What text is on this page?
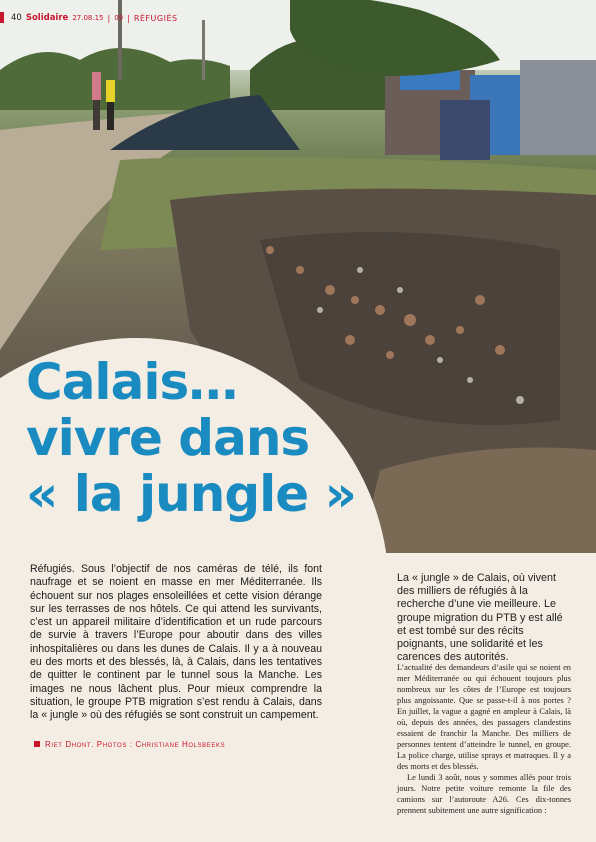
40 Solidaire 27.08.15 | 09 | RÉFUGIÉS
Calais…
vivre dans
« la jungle »

Réfugiés. Sous l’objectif de nos caméras de télé, ils font naufrage et se noient en masse en mer Méditerranée. Ils échouent sur nos plages ensoleillées et cette vision dérange sur les terrasses de nos hôtels. Ce qui attend les survivants, c’est un appareil militaire d’identification et un rude parcours de survie à travers l’Europe pour aboutir dans des villes inhospitalières ou dans les dunes de Calais. Il y a à nouveau eu des morts et des blessés, là, à Calais, dans les tentatives de quitter le continent par le tunnel sous la Manche. Les images ne nous lâchent plus. Pour mieux comprendre la situation, le groupe PTB migration s’est rendu à Calais, dans la « jungle » où des réfugiés se sont construit un campement.

Riet Dhont. Photos : Christiane Holsbeeks

La « jungle » de Calais, où vivent des milliers de réfugiés à la recherche d’une vie meilleure. Le groupe migration du PTB y est allé et est tombé sur des récits poignants, une solidarité et les carences des autorités.

L’actualité des demandeurs d’asile qui se noient en mer Méditerranée ou qui échouent toujours plus nombreux sur les côtes de l’Europe est toujours plus angoissante. Que se passe-t-il à nos portes ? En juillet, la vague a gagné en ampleur à Calais, là où, depuis des années, des passagers clandestins essaient de franchir la Manche. Des milliers de personnes tentent d’atteindre le tunnel, en groupe. La police charge, utilise sprays et matraques. Il y a des morts et des blessés.

Le lundi 3 août, nous y sommes allés pour trois jours. Notre petite voiture remonte la file des camions sur l’autoroute A26. Ces dix-tonnes prennent subitement une autre signification :
